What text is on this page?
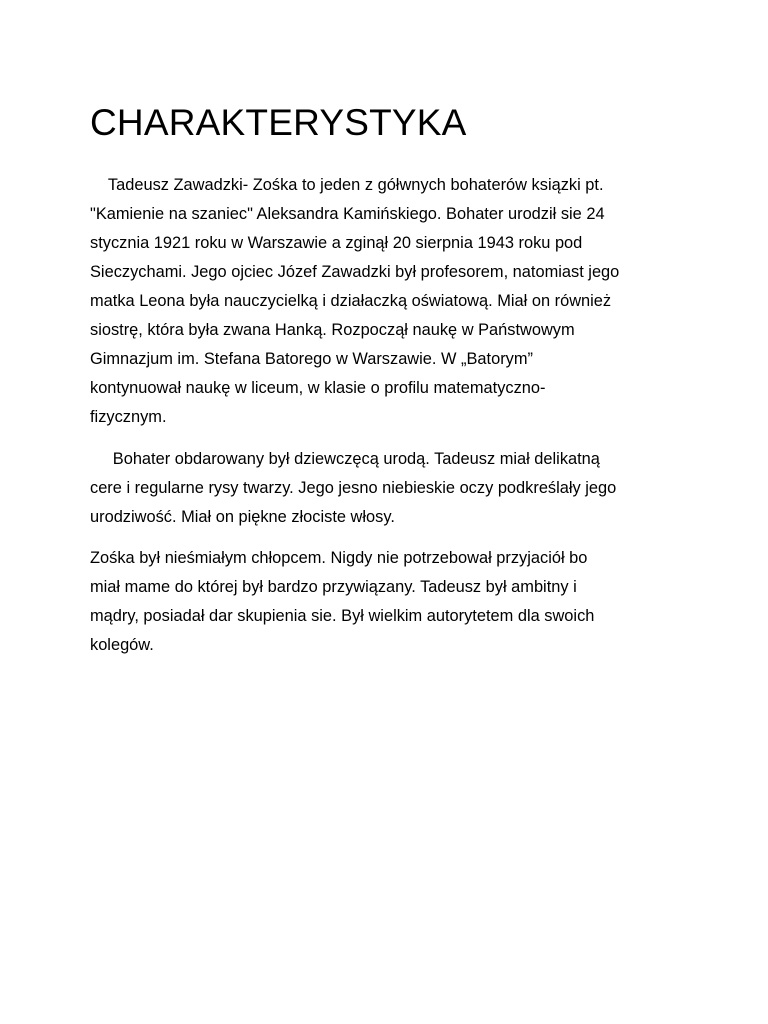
CHARAKTERYSTYKA

Tadeusz Zawadzki- Zośka to jeden z gółwnych bohaterów ksiązki pt.
"Kamienie na szaniec" Aleksandra Kamińskiego. Bohater urodził sie 24
stycznia 1921 roku w Warszawie a zginął 20 sierpnia 1943 roku pod
Sieczychami. Jego ojciec Józef Zawadzki był profesorem, natomiast jego
matka Leona była nauczycielką i działaczką oświatową. Miał on również
siostrę, która była zwana Hanką. Rozpoczął naukę w Państwowym
Gimnazjum im. Stefana Batorego w Warszawie. W „Batorym”
kontynuował naukę w liceum, w klasie o profilu matematyczno-
fizycznym.

Bohater obdarowany był dziewczęcą urodą. Tadeusz miał delikatną
cere i regularne rysy twarzy. Jego jesno niebieskie oczy podkreślały jego
urodziwość. Miał on piękne złociste włosy.

Zośka był nieśmiałym chłopcem. Nigdy nie potrzebował przyjaciół bo
miał mame do której był bardzo przywiązany. Tadeusz był ambitny i
mądry, posiadał dar skupienia sie. Był wielkim autorytetem dla swoich
kolegów.
